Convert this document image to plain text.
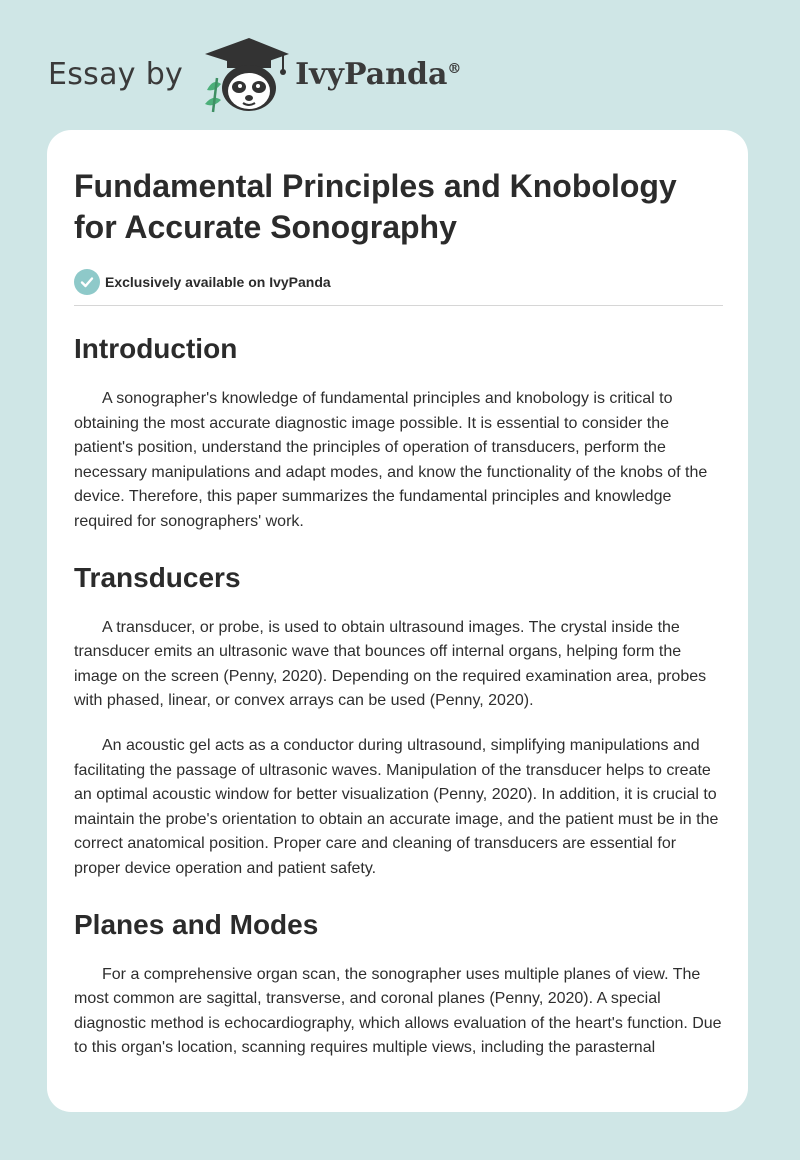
Essay by	IvyPanda®
Fundamental Principles and Knobology for Accurate Sonography
Exclusively available on IvyPanda
Introduction

A sonographer's knowledge of fundamental principles and knobology is critical to obtaining the most accurate diagnostic image possible. It is essential to consider the patient's position, understand the principles of operation of transducers, perform the necessary manipulations and adapt modes, and know the functionality of the knobs of the device. Therefore, this paper summarizes the fundamental principles and knowledge required for sonographers' work.

Transducers

A transducer, or probe, is used to obtain ultrasound images. The crystal inside the transducer emits an ultrasonic wave that bounces off internal organs, helping form the image on the screen (Penny, 2020). Depending on the required examination area, probes with phased, linear, or convex arrays can be used (Penny, 2020).

An acoustic gel acts as a conductor during ultrasound, simplifying manipulations and facilitating the passage of ultrasonic waves. Manipulation of the transducer helps to create an optimal acoustic window for better visualization (Penny, 2020). In addition, it is crucial to maintain the probe's orientation to obtain an accurate image, and the patient must be in the correct anatomical position. Proper care and cleaning of transducers are essential for proper device operation and patient safety.

Planes and Modes

For a comprehensive organ scan, the sonographer uses multiple planes of view. The most common are sagittal, transverse, and coronal planes (Penny, 2020). A special diagnostic method is echocardiography, which allows evaluation of the heart's function. Due to this organ's location, scanning requires multiple views, including the parasternal
